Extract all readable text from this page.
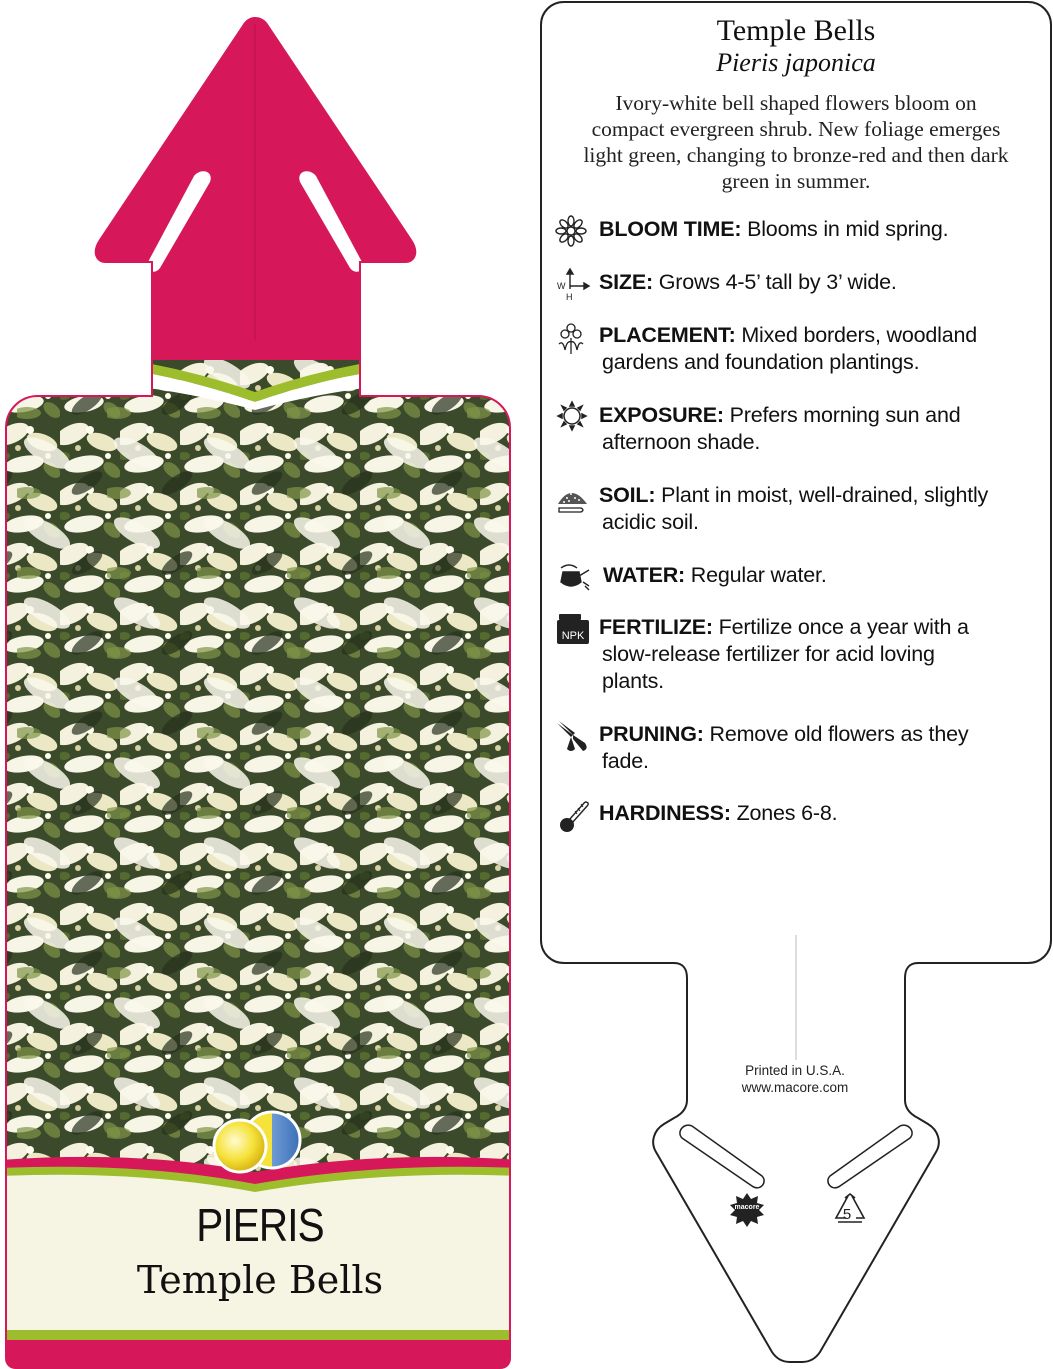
PIERIS
Temple Bells
Temple Bells
Pieris japonica
Ivory-white bell shaped flowers bloom on compact evergreen shrub. New foliage emerges light green, changing to bronze-red and then dark green in summer.
BLOOM TIME: Blooms in mid spring.
W
H
SIZE: Grows 4-5’ tall by 3’ wide.
PLACEMENT: Mixed borders, woodland
gardens and foundation plantings.
EXPOSURE: Prefers morning sun and
afternoon shade.
SOIL: Plant in moist, well-drained, slightly
acidic soil.
WATER: Regular water.
NPK FERTILIZE: Fertilize once a year with a
slow-release fertilizer for acid loving
plants.
PRUNING: Remove old flowers as they
fade.
HARDINESS: Zones 6-8.
Printed in U.S.A.
www.macore.com
macore	5
